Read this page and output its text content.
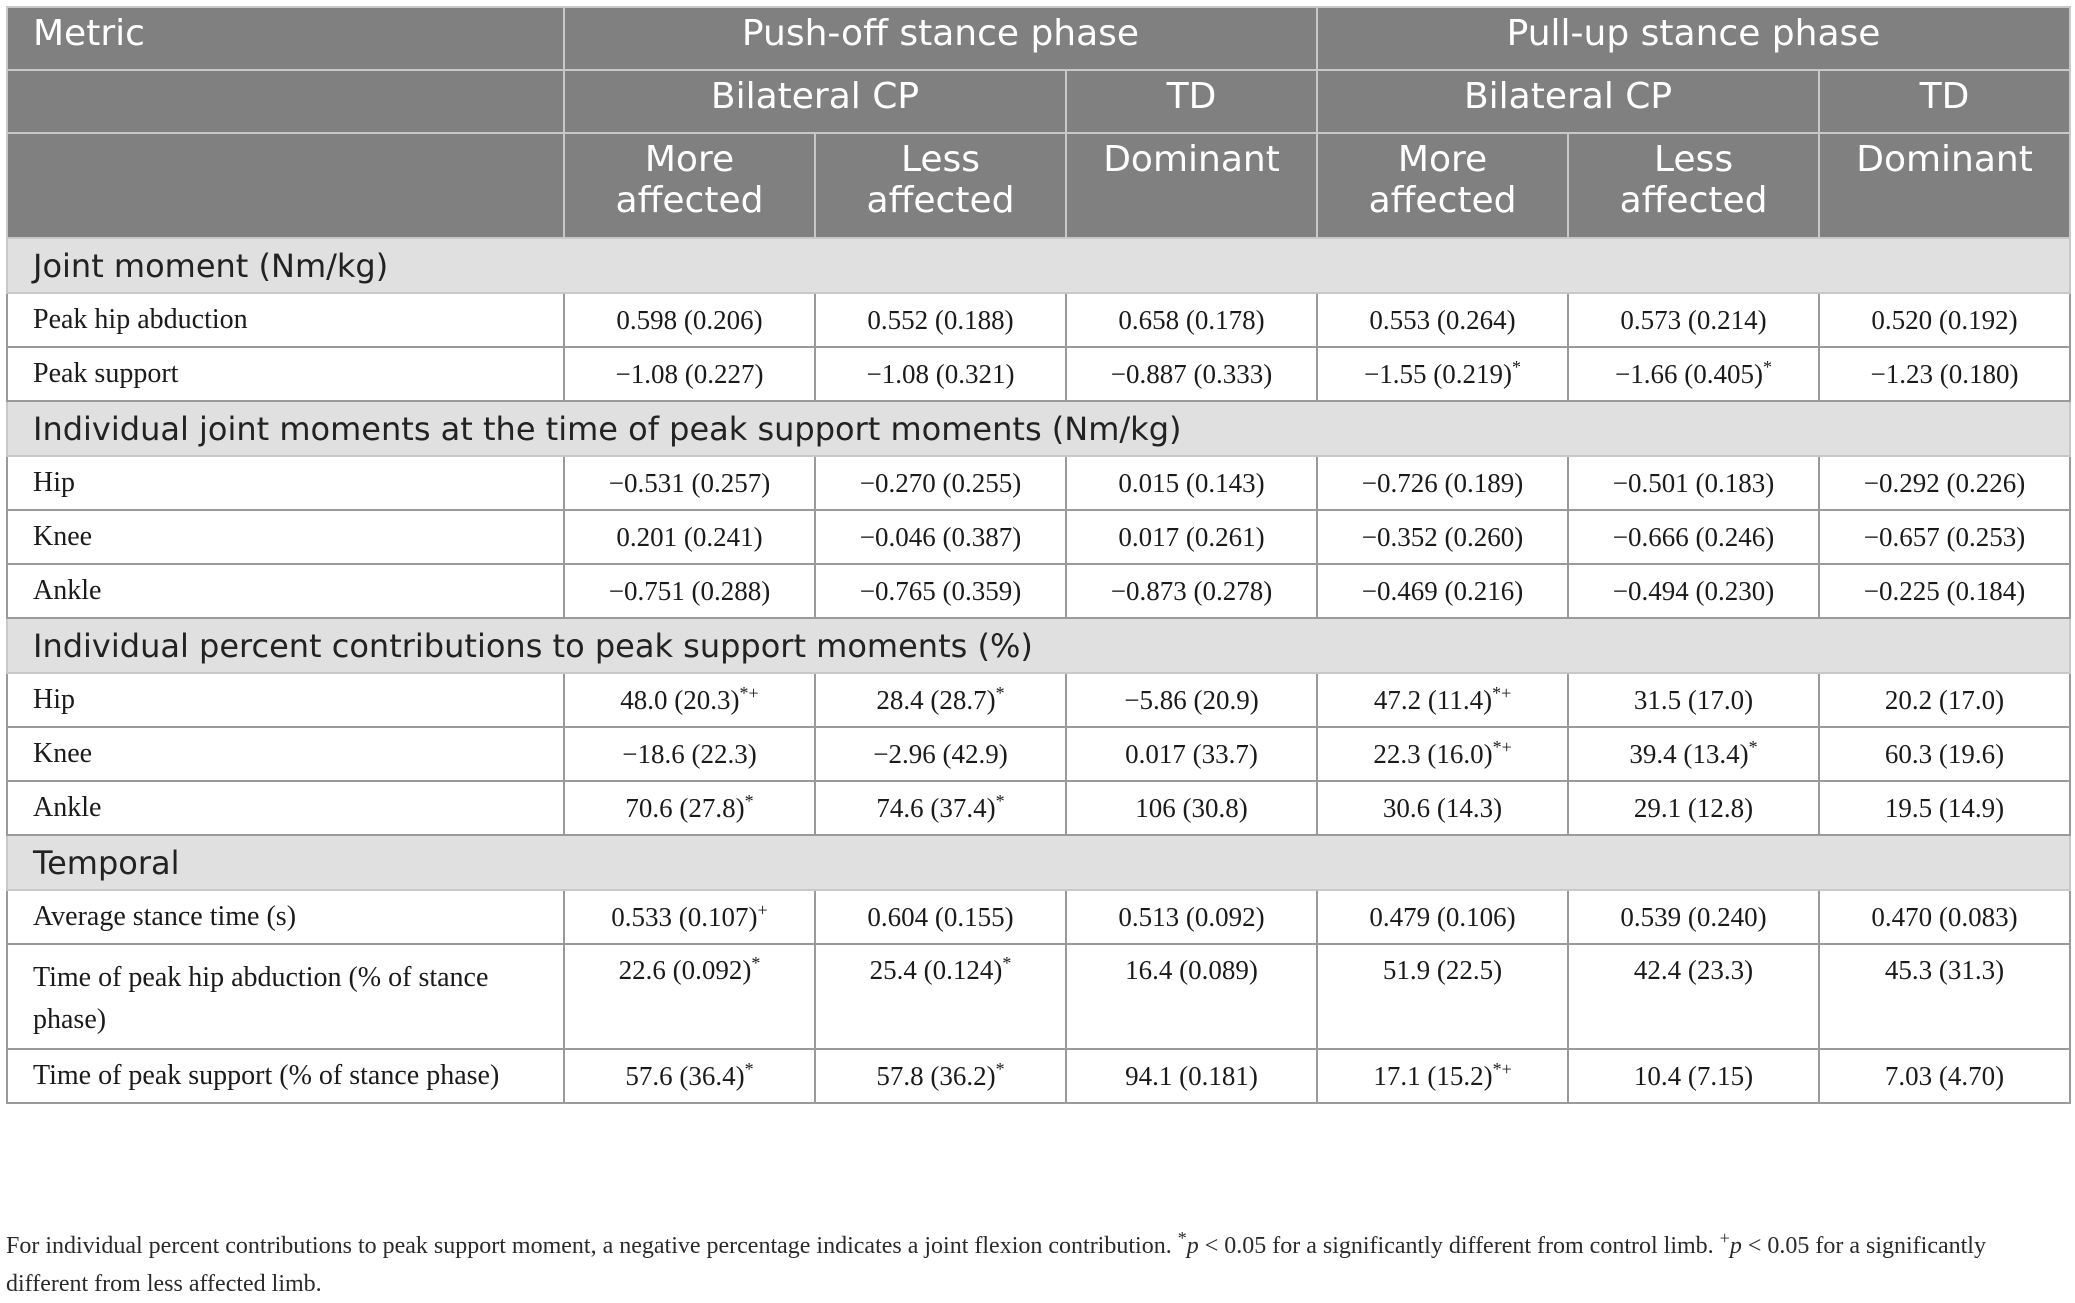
Metric	Push-off stance phase			Pull-up stance phase		
	Bilateral CP		TD	Bilateral CP		TD
	More affected	Less affected	Dominant	More affected	Less affected	Dominant
Joint moment (Nm/kg)						
Peak hip abduction	0.598 (0.206)	0.552 (0.188)	0.658 (0.178)	0.553 (0.264)	0.573 (0.214)	0.520 (0.192)
Peak support	−1.08 (0.227)	−1.08 (0.321)	−0.887 (0.333)	−1.55 (0.219)*	−1.66 (0.405)*	−1.23 (0.180)
Individual joint moments at the time of peak support moments (Nm/kg)						
Hip	−0.531 (0.257)	−0.270 (0.255)	0.015 (0.143)	−0.726 (0.189)	−0.501 (0.183)	−0.292 (0.226)
Knee	0.201 (0.241)	−0.046 (0.387)	0.017 (0.261)	−0.352 (0.260)	−0.666 (0.246)	−0.657 (0.253)
Ankle	−0.751 (0.288)	−0.765 (0.359)	−0.873 (0.278)	−0.469 (0.216)	−0.494 (0.230)	−0.225 (0.184)
Individual percent contributions to peak support moments (%)						
Hip	48.0 (20.3)*+	28.4 (28.7)*	−5.86 (20.9)	47.2 (11.4)*+	31.5 (17.0)	20.2 (17.0)
Knee	−18.6 (22.3)	−2.96 (42.9)	0.017 (33.7)	22.3 (16.0)*+	39.4 (13.4)*	60.3 (19.6)
Ankle	70.6 (27.8)*	74.6 (37.4)*	106 (30.8)	30.6 (14.3)	29.1 (12.8)	19.5 (14.9)
Temporal						
Average stance time (s)	0.533 (0.107)+	0.604 (0.155)	0.513 (0.092)	0.479 (0.106)	0.539 (0.240)	0.470 (0.083)
Time of peak hip abduction (% of stance phase)	22.6 (0.092)*	25.4 (0.124)*	16.4 (0.089)	51.9 (22.5)	42.4 (23.3)	45.3 (31.3)
Time of peak support (% of stance phase)	57.6 (36.4)*	57.8 (36.2)*	94.1 (0.181)	17.1 (15.2)*+	10.4 (7.15)	7.03 (4.70)
For individual percent contributions to peak support moment, a negative percentage indicates a joint flexion contribution. *p < 0.05 for a significantly different from control limb. +p < 0.05 for a significantly different from less affected limb.
